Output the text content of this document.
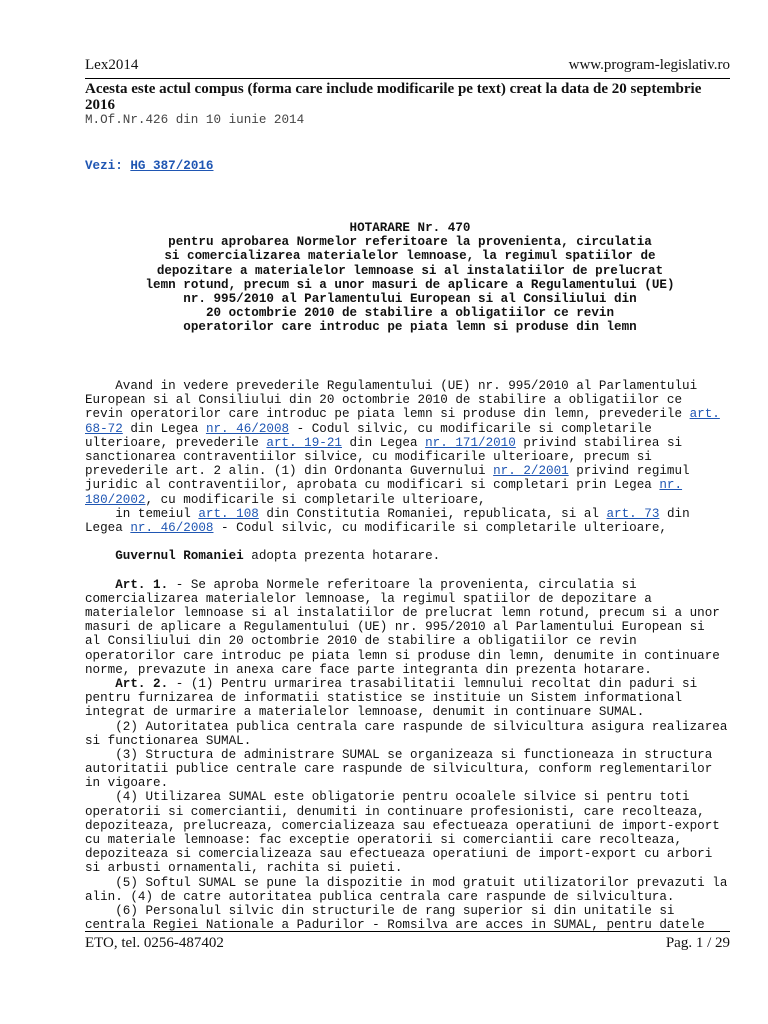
Lex2014	www.program-legislativ.ro
Acesta este actul compus (forma care include modificarile pe text) creat la data de 20 septembrie 2016
M.Of.Nr.426 din 10 iunie 2014
Vezi: HG 387/2016
HOTARARE Nr. 470
pentru aprobarea Normelor referitoare la provenienta, circulatia
si comercializarea materialelor lemnoase, la regimul spatiilor de
depozitare a materialelor lemnoase si al instalatiilor de prelucrat
lemn rotund, precum si a unor masuri de aplicare a Regulamentului (UE)
nr. 995/2010 al Parlamentului European si al Consiliului din
20 octombrie 2010 de stabilire a obligatiilor ce revin
operatorilor care introduc pe piata lemn si produse din lemn
Avand in vedere prevederile Regulamentului (UE) nr. 995/2010 al Parlamentului
European si al Consiliului din 20 octombrie 2010 de stabilire a obligatiilor ce
revin operatorilor care introduc pe piata lemn si produse din lemn, prevederile art.
68-72 din Legea nr. 46/2008 - Codul silvic, cu modificarile si completarile
ulterioare, prevederile art. 19-21 din Legea nr. 171/2010 privind stabilirea si
sanctionarea contraventiilor silvice, cu modificarile ulterioare, precum si
prevederile art. 2 alin. (1) din Ordonanta Guvernului nr. 2/2001 privind regimul
juridic al contraventiilor, aprobata cu modificari si completari prin Legea nr.
180/2002, cu modificarile si completarile ulterioare,
in temeiul art. 108 din Constitutia Romaniei, republicata, si al art. 73 din
Legea nr. 46/2008 - Codul silvic, cu modificarile si completarile ulterioare,
Guvernul Romaniei adopta prezenta hotarare.
Art. 1. - Se aproba Normele referitoare la provenienta, circulatia si
comercializarea materialelor lemnoase, la regimul spatiilor de depozitare a
materialelor lemnoase si al instalatiilor de prelucrat lemn rotund, precum si a unor
masuri de aplicare a Regulamentului (UE) nr. 995/2010 al Parlamentului European si
al Consiliului din 20 octombrie 2010 de stabilire a obligatiilor ce revin
operatorilor care introduc pe piata lemn si produse din lemn, denumite in continuare
norme, prevazute in anexa care face parte integranta din prezenta hotarare.
Art. 2. - (1) Pentru urmarirea trasabilitatii lemnului recoltat din paduri si
pentru furnizarea de informatii statistice se instituie un Sistem informational
integrat de urmarire a materialelor lemnoase, denumit in continuare SUMAL.
(2) Autoritatea publica centrala care raspunde de silvicultura asigura realizarea
si functionarea SUMAL.
(3) Structura de administrare SUMAL se organizeaza si functioneaza in structura
autoritatii publice centrale care raspunde de silvicultura, conform reglementarilor
in vigoare.
(4) Utilizarea SUMAL este obligatorie pentru ocoalele silvice si pentru toti
operatorii si comerciantii, denumiti in continuare profesionisti, care recolteaza,
depoziteaza, prelucreaza, comercializeaza sau efectueaza operatiuni de import-export
cu materiale lemnoase: fac exceptie operatorii si comerciantii care recolteaza,
depoziteaza si comercializeaza sau efectueaza operatiuni de import-export cu arbori
si arbusti ornamentali, rachita si puieti.
(5) Softul SUMAL se pune la dispozitie in mod gratuit utilizatorilor prevazuti la
alin. (4) de catre autoritatea publica centrala care raspunde de silvicultura.
(6) Personalul silvic din structurile de rang superior si din unitatile si
centrala Regiei Nationale a Padurilor - Romsilva are acces in SUMAL, pentru datele
ETO, tel. 0256-487402	Pag. 1 / 29
